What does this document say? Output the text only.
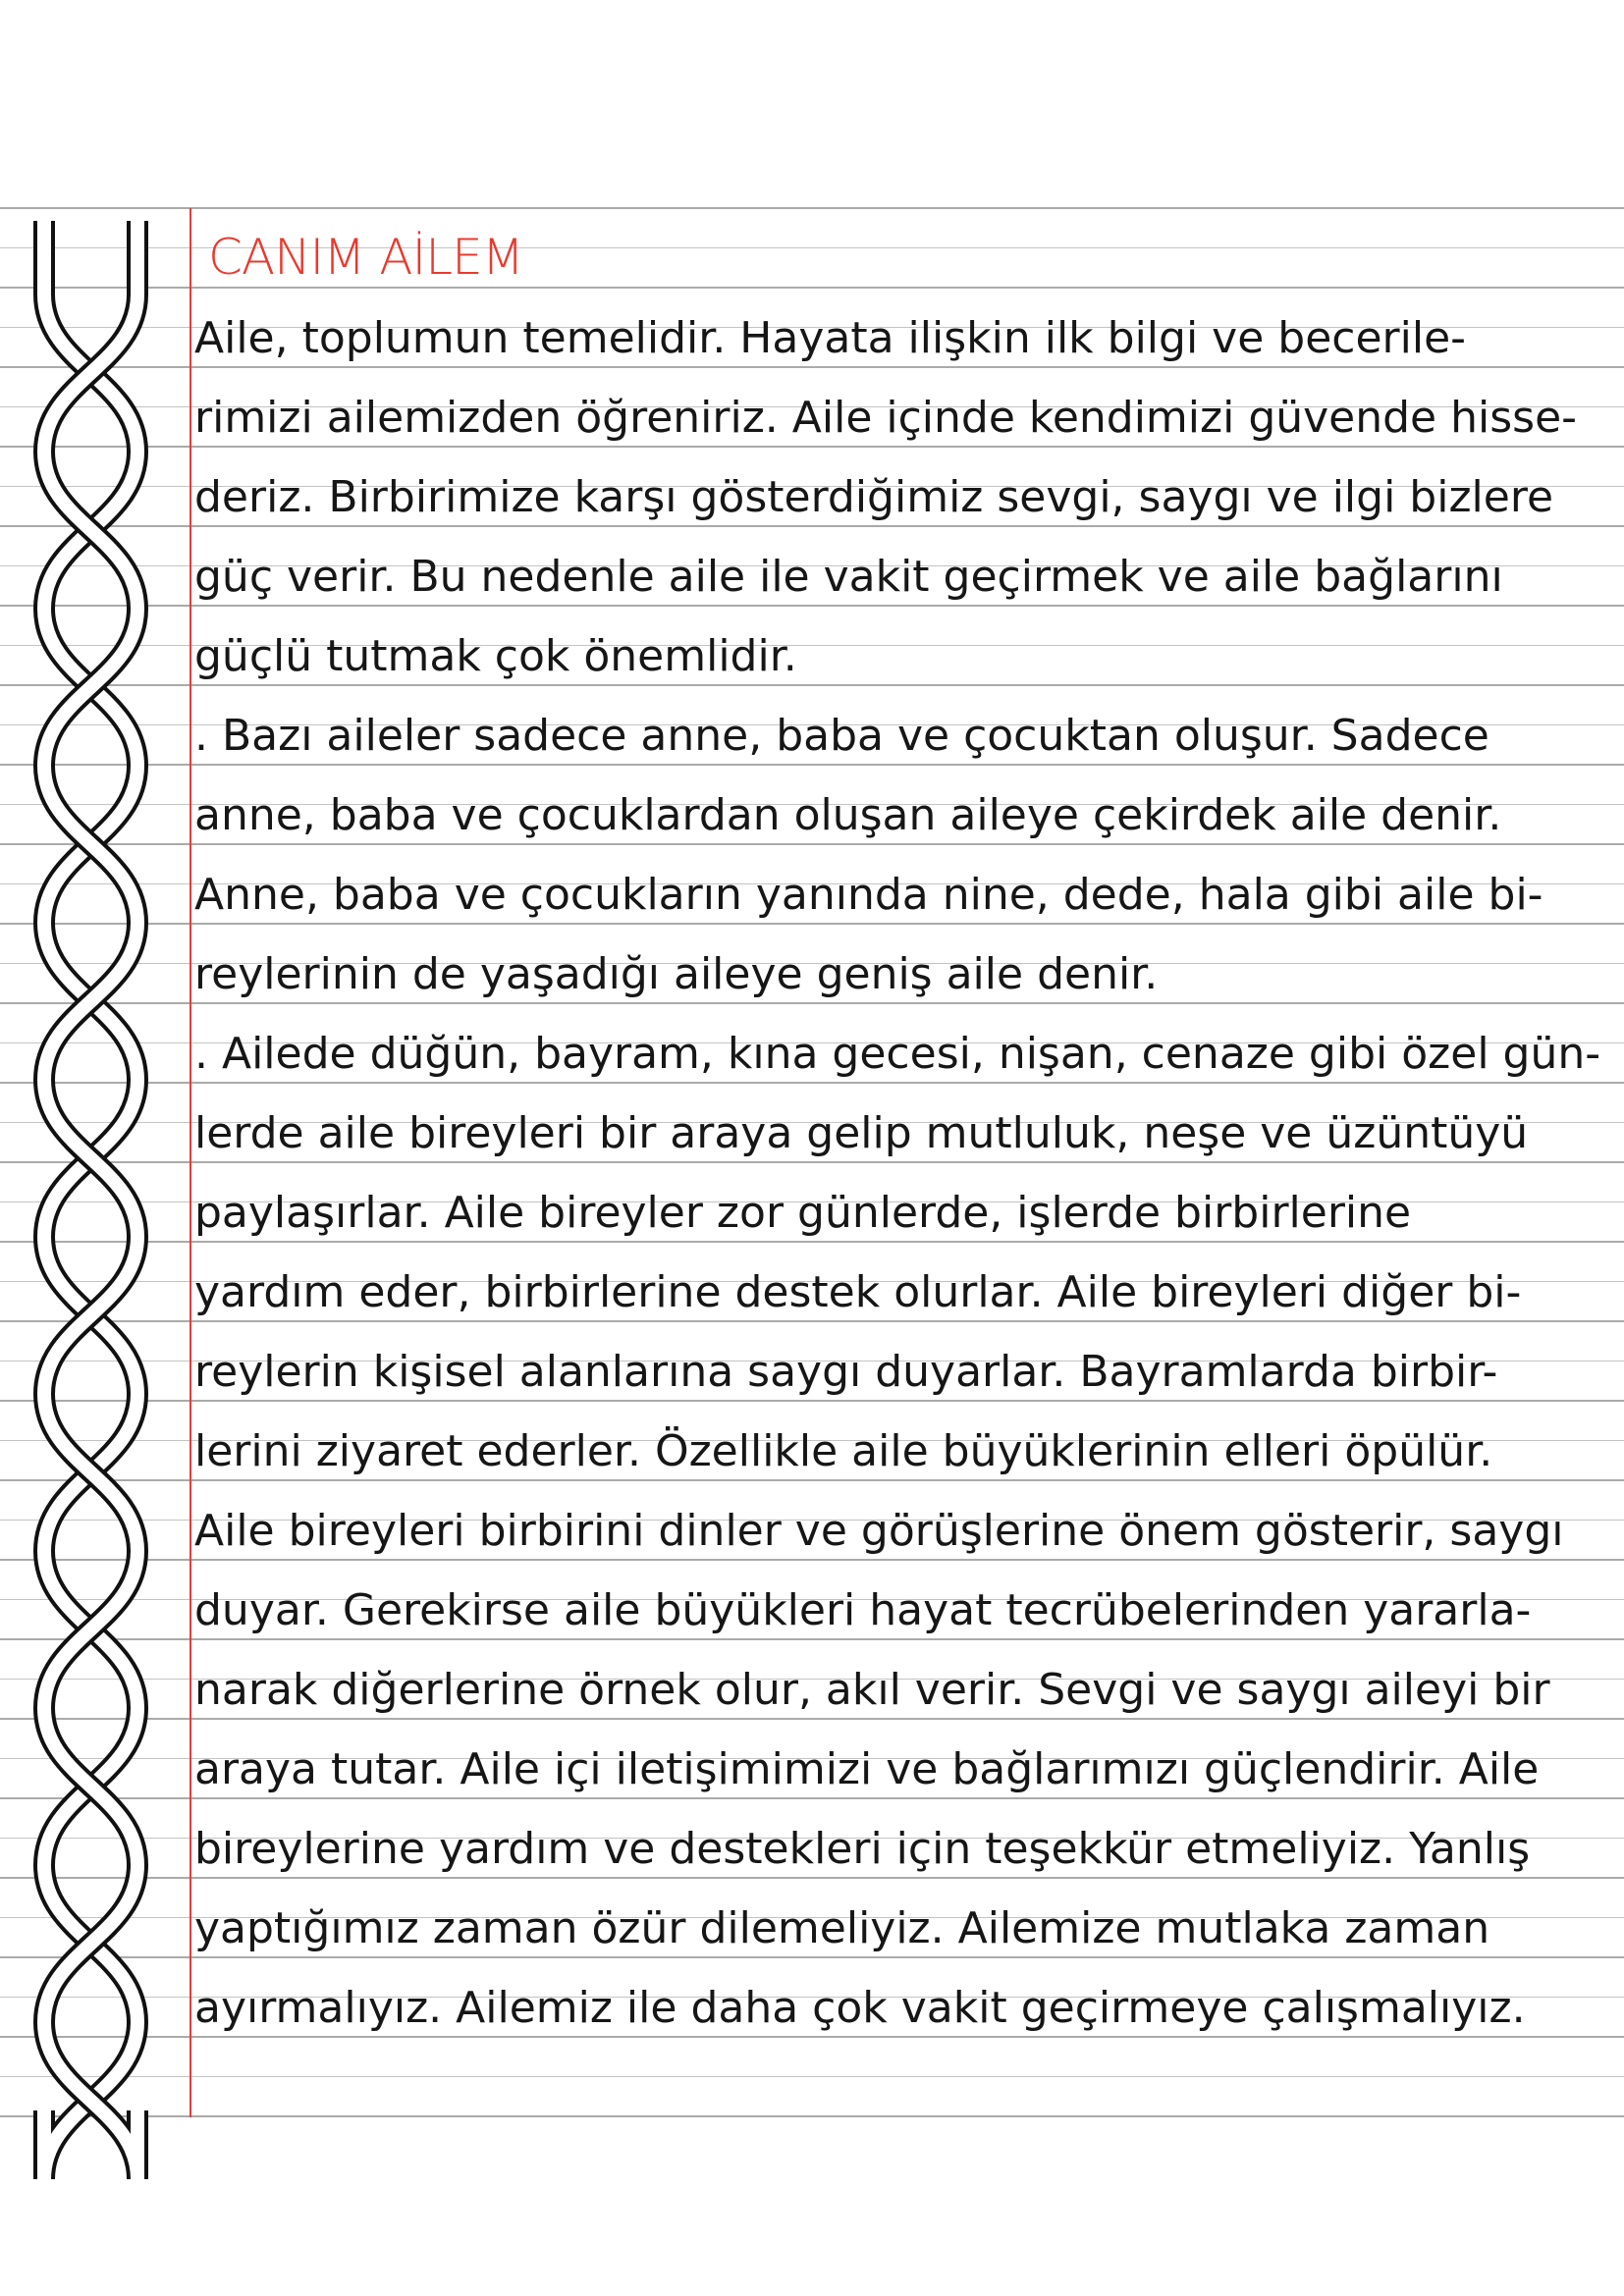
CANIM AİLEM
Aile, toplumun temelidir. Hayata ilişkin ilk bilgi ve becerile-
rimizi ailemizden öğreniriz. Aile içinde kendimizi güvende hisse-
deriz. Birbirimize karşı gösterdiğimiz sevgi, saygı ve ilgi bizlere
güç verir. Bu nedenle aile ile vakit geçirmek ve aile bağlarını
güçlü tutmak çok önemlidir.
. Bazı aileler sadece anne, baba ve çocuktan oluşur. Sadece
anne, baba ve çocuklardan oluşan aileye çekirdek aile denir.
Anne, baba ve çocukların yanında nine, dede, hala gibi aile bi-
reylerinin de yaşadığı aileye geniş aile denir.
. Ailede düğün, bayram, kına gecesi, nişan, cenaze gibi özel gün-
lerde aile bireyleri bir araya gelip mutluluk, neşe ve üzüntüyü
paylaşırlar. Aile bireyler zor günlerde, işlerde birbirlerine
yardım eder, birbirlerine destek olurlar. Aile bireyleri diğer bi-
reylerin kişisel alanlarına saygı duyarlar. Bayramlarda birbir-
lerini ziyaret ederler. Özellikle aile büyüklerinin elleri öpülür.
Aile bireyleri birbirini dinler ve görüşlerine önem gösterir, saygı
duyar. Gerekirse aile büyükleri hayat tecrübelerinden yararla-
narak diğerlerine örnek olur, akıl verir. Sevgi ve saygı aileyi bir
araya tutar. Aile içi iletişimimizi ve bağlarımızı güçlendirir. Aile
bireylerine yardım ve destekleri için teşekkür etmeliyiz. Yanlış
yaptığımız zaman özür dilemeliyiz. Ailemize mutlaka zaman
ayırmalıyız. Ailemiz ile daha çok vakit geçirmeye çalışmalıyız.
